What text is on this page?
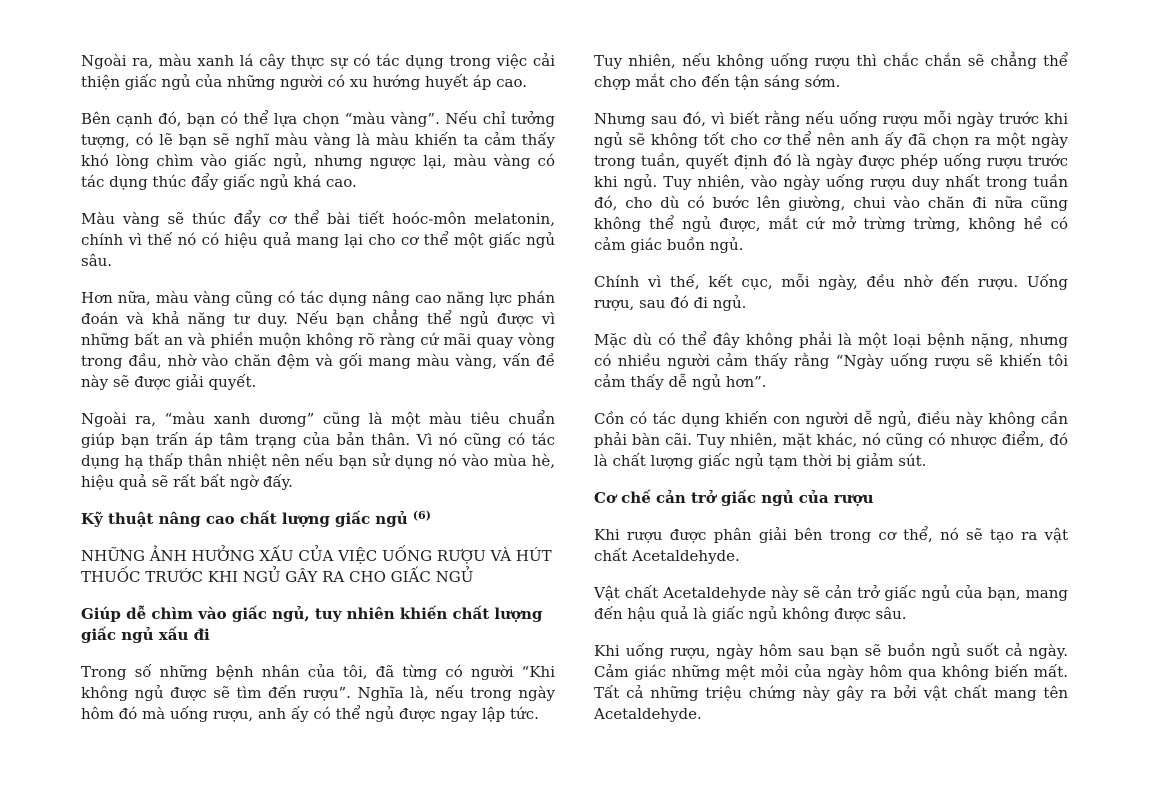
Ngoài ra, màu xanh lá cây thực sự có tác dụng trong việc cải thiện giấc ngủ của những người có xu hướng huyết áp cao.

Bên cạnh đó, bạn có thể lựa chọn “màu vàng”. Nếu chỉ tưởng tượng, có lẽ bạn sẽ nghĩ màu vàng là màu khiến ta cảm thấy khó lòng chìm vào giấc ngủ, nhưng ngược lại, màu vàng có tác dụng thúc đẩy giấc ngủ khá cao.

Màu vàng sẽ thúc đẩy cơ thể bài tiết hoóc-môn melatonin, chính vì thế nó có hiệu quả mang lại cho cơ thể một giấc ngủ sâu.

Hơn nữa, màu vàng cũng có tác dụng nâng cao năng lực phán đoán và khả năng tư duy. Nếu bạn chẳng thể ngủ được vì những bất an và phiền muộn không rõ ràng cứ mãi quay vòng trong đầu, nhờ vào chăn đệm và gối mang màu vàng, vấn đề này sẽ được giải quyết.

Ngoài ra, “màu xanh dương” cũng là một màu tiêu chuẩn giúp bạn trấn áp tâm trạng của bản thân. Vì nó cũng có tác dụng hạ thấp thân nhiệt nên nếu bạn sử dụng nó vào mùa hè, hiệu quả sẽ rất bất ngờ đấy.

Kỹ thuật nâng cao chất lượng giấc ngủ $^{(6)}$
NHỮNG ẢNH HƯỞNG XẤU CỦA VIỆC UỐNG RƯỢU VÀ HÚT THUỐC TRƯỚC KHI NGỦ GÂY RA CHO GIẤC NGỦ
Giúp dễ chìm vào giấc ngủ, tuy nhiên khiến chất lượng giấc ngủ xấu đi

Trong số những bệnh nhân của tôi, đã từng có người “Khi không ngủ được sẽ tìm đến rượu”. Nghĩa là, nếu trong ngày hôm đó mà uống rượu, anh ấy có thể ngủ được ngay lập tức.

Tuy nhiên, nếu không uống rượu thì chắc chắn sẽ chẳng thể chợp mắt cho đến tận sáng sớm.

Nhưng sau đó, vì biết rằng nếu uống rượu mỗi ngày trước khi ngủ sẽ không tốt cho cơ thể nên anh ấy đã chọn ra một ngày trong tuần, quyết định đó là ngày được phép uống rượu trước khi ngủ. Tuy nhiên, vào ngày uống rượu duy nhất trong tuần đó, cho dù có bước lên giường, chui vào chăn đi nữa cũng không thể ngủ được, mắt cứ mở trừng trừng, không hề có cảm giác buồn ngủ.

Chính vì thế, kết cục, mỗi ngày, đều nhờ đến rượu. Uống rượu, sau đó đi ngủ.

Mặc dù có thể đây không phải là một loại bệnh nặng, nhưng có nhiều người cảm thấy rằng “Ngày uống rượu sẽ khiến tôi cảm thấy dễ ngủ hơn”.

Cồn có tác dụng khiến con người dễ ngủ, điều này không cần phải bàn cãi. Tuy nhiên, mặt khác, nó cũng có nhược điểm, đó là chất lượng giấc ngủ tạm thời bị giảm sút.

Cơ chế cản trở giấc ngủ của rượu

Khi rượu được phân giải bên trong cơ thể, nó sẽ tạo ra vật chất Acetaldehyde.

Vật chất Acetaldehyde này sẽ cản trở giấc ngủ của bạn, mang đến hậu quả là giấc ngủ không được sâu.

Khi uống rượu, ngày hôm sau bạn sẽ buồn ngủ suốt cả ngày. Cảm giác những mệt mỏi của ngày hôm qua không biến mất. Tất cả những triệu chứng này gây ra bởi vật chất mang tên Acetaldehyde.
